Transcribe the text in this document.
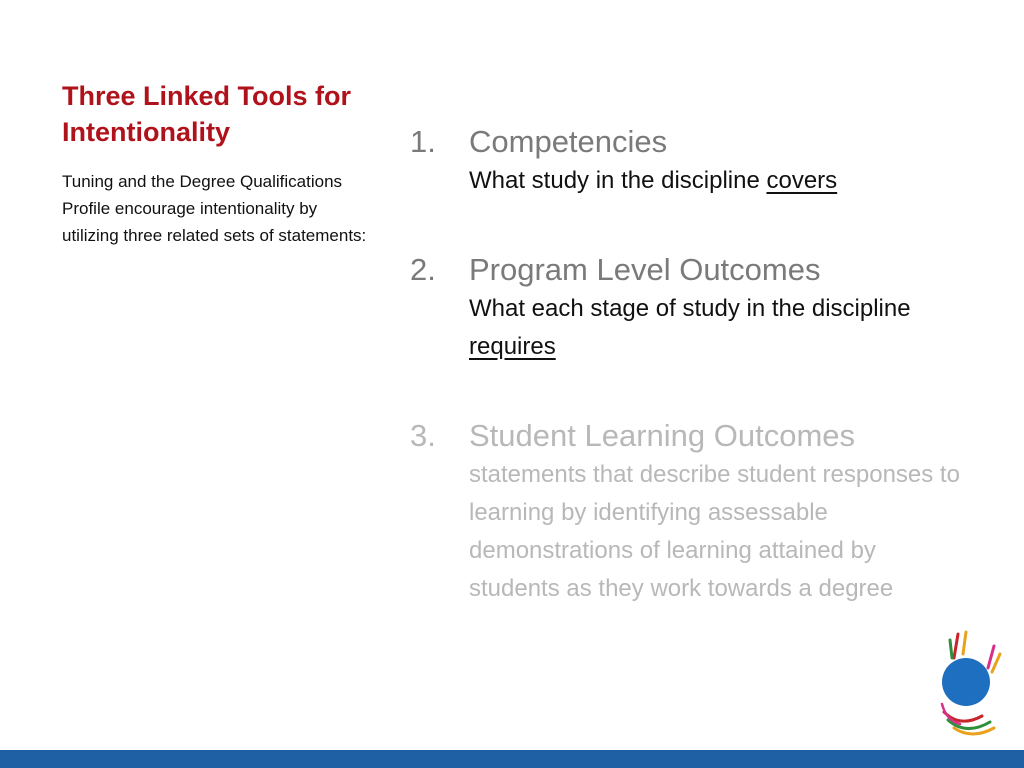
Three Linked Tools for Intentionality

Tuning and the Degree Qualifications Profile encourage intentionality by utilizing three related sets of statements:

1. Competencies
What study in the discipline covers
2. Program Level Outcomes
What each stage of study in the discipline requires
3. Student Learning Outcomes
statements that describe student responses to learning by identifying assessable demonstrations of learning attained by students as they work towards a degree
